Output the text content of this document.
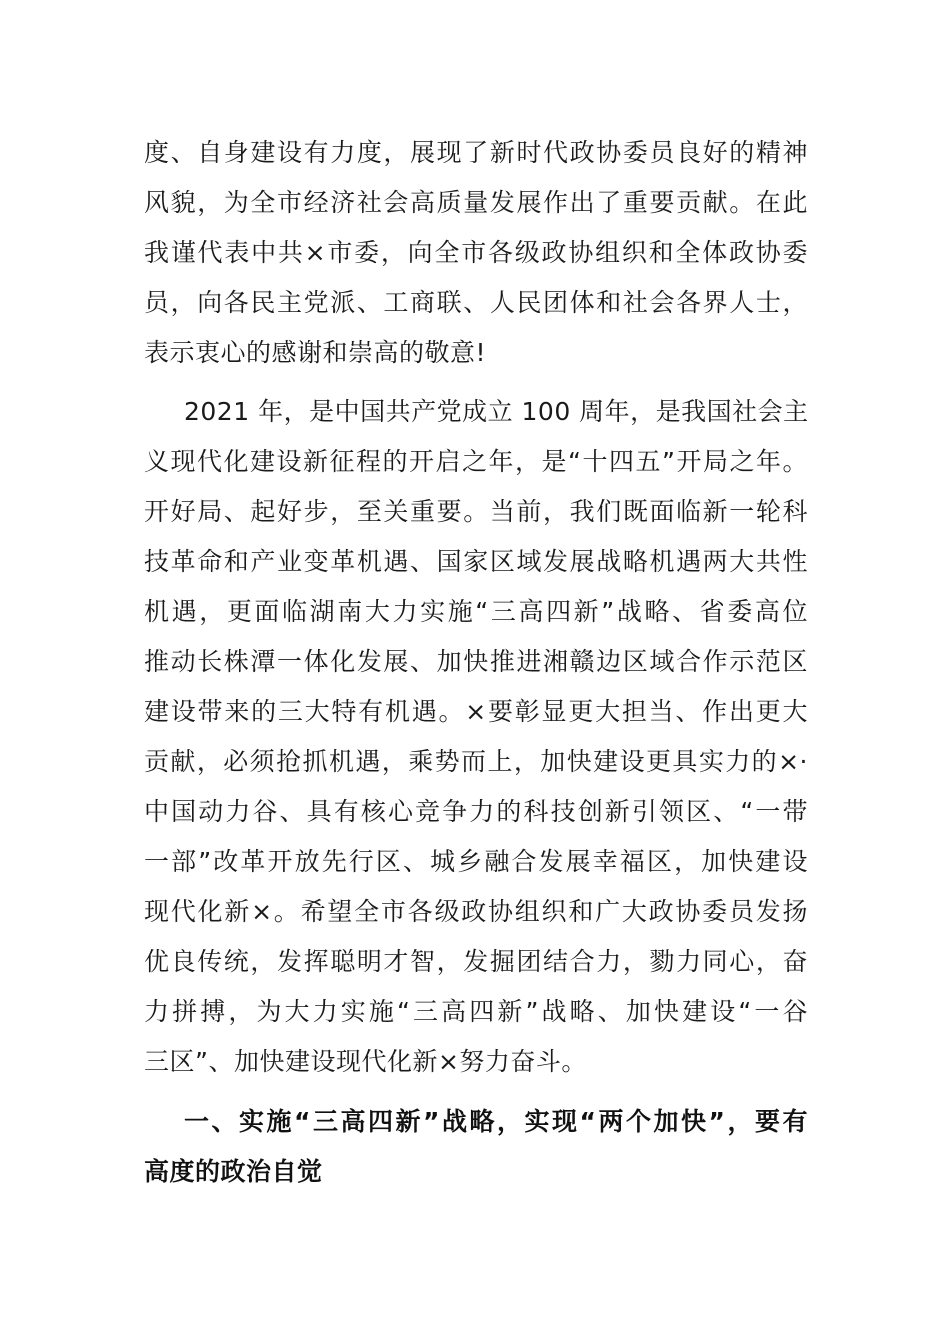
度、自身建设有力度，展现了新时代政协委员良好的精神
风貌，为全市经济社会高质量发展作出了重要贡献。在此
我谨代表中共×市委，向全市各级政协组织和全体政协委
员，向各民主党派、工商联、人民团体和社会各界人士，
表示衷心的感谢和崇高的敬意!
2021 年，是中国共产党成立 100 周年，是我国社会主
义现代化建设新征程的开启之年，是“十四五”开局之年。
开好局、起好步，至关重要。当前，我们既面临新一轮科
技革命和产业变革机遇、国家区域发展战略机遇两大共性
机遇，更面临湖南大力实施“三高四新”战略、省委高位
推动长株潭一体化发展、加快推进湘赣边区域合作示范区
建设带来的三大特有机遇。×要彰显更大担当、作出更大
贡献，必须抢抓机遇，乘势而上，加快建设更具实力的×·
中国动力谷、具有核心竞争力的科技创新引领区、“一带
一部”改革开放先行区、城乡融合发展幸福区，加快建设
现代化新×。希望全市各级政协组织和广大政协委员发扬
优良传统，发挥聪明才智，发掘团结合力，勠力同心，奋
力拼搏，为大力实施“三高四新”战略、加快建设“一谷
三区”、加快建设现代化新×努力奋斗。
一、实施“三高四新”战略，实现“两个加快”，要有
高度的政治自觉
